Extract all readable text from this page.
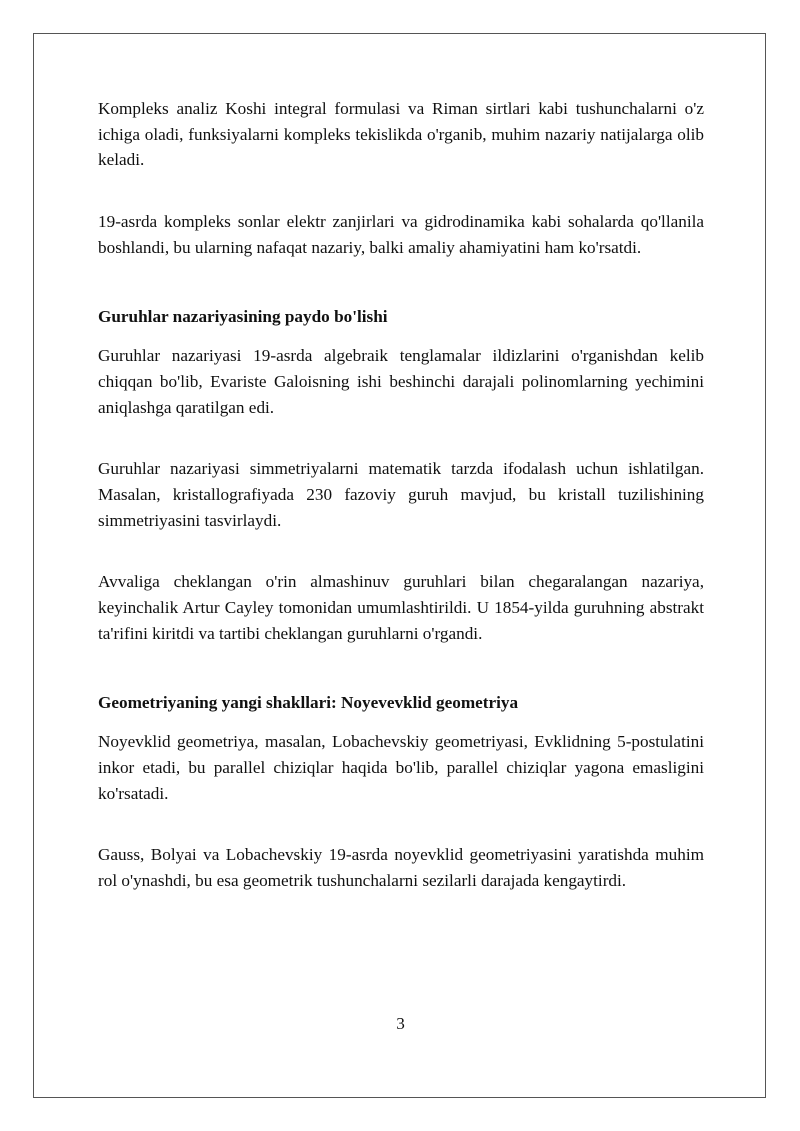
Kompleks analiz Koshi integral formulasi va Riman sirtlari kabi tushunchalarni o'z ichiga oladi, funksiyalarni kompleks tekislikda o'rganib, muhim nazariy natijalarga olib keladi.

19-asrda kompleks sonlar elektr zanjirlari va gidrodinamika kabi sohalarda qo'llanila boshlandi, bu ularning nafaqat nazariy, balki amaliy ahamiyatini ham ko'rsatdi.

Guruhlar nazariyasining paydo bo'lishi

Guruhlar nazariyasi 19-asrda algebraik tenglamalar ildizlarini o'rganishdan kelib chiqqan bo'lib, Evariste Galoisning ishi beshinchi darajali polinomlarning yechimini aniqlashga qaratilgan edi.

Guruhlar nazariyasi simmetriyalarni matematik tarzda ifodalash uchun ishlatilgan. Masalan, kristallografiyada 230 fazoviy guruh mavjud, bu kristall tuzilishining simmetriyasini tasvirlaydi.

Avvaliga cheklangan o'rin almashinuv guruhlari bilan chegaralangan nazariya, keyinchalik Artur Cayley tomonidan umumlashtirildi. U 1854-yilda guruhning abstrakt ta'rifini kiritdi va tartibi cheklangan guruhlarni o'rgandi.

Geometriyaning yangi shakllari: Noyevevklid geometriya

Noyevklid geometriya, masalan, Lobachevskiy geometriyasi, Evklidning 5-postulatini inkor etadi, bu parallel chiziqlar haqida bo'lib, parallel chiziqlar yagona emasligini ko'rsatadi.

Gauss, Bolyai va Lobachevskiy 19-asrda noyevklid geometriyasini yaratishda muhim rol o'ynashdi, bu esa geometrik tushunchalarni sezilarli darajada kengaytirdi.

3
